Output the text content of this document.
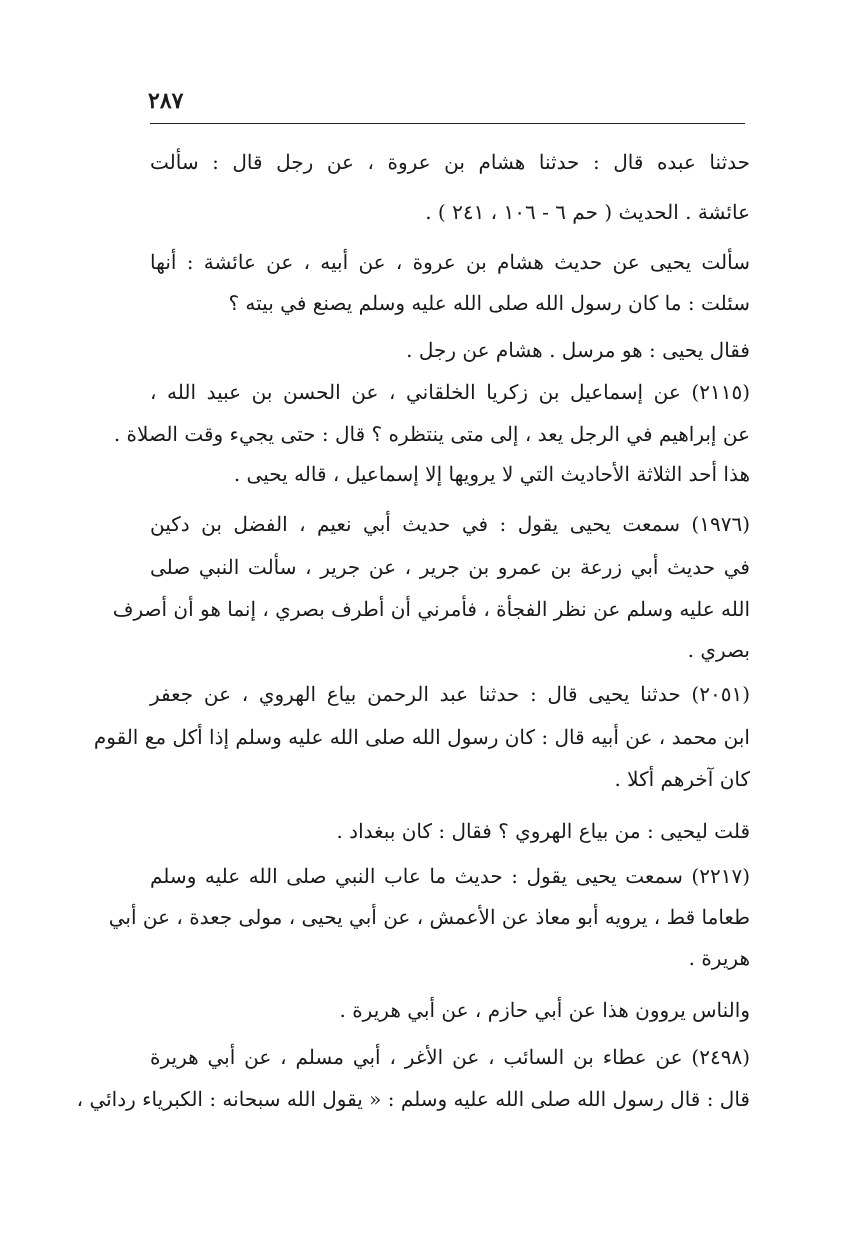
٢٨٧
حدثنا عبده قال : حدثنا هشام بن عروة ، عن رجل قال : سألت
عائشة . الحديث ( حم ٦ - ١٠٦ ، ٢٤١ ) .
سألت يحيى عن حديث هشام بن عروة ، عن أبيه ، عن عائشة : أنها
سئلت : ما كان رسول الله صلى الله عليه وسلم يصنع في بيته ؟
فقال يحيى : هو مرسل . هشام عن رجل .
(٢١١٥) عن إسماعيل بن زكريا الخلقاني ، عن الحسن بن عبيد الله ،
عن إبراهيم في الرجل يعد ، إلى متى ينتظره ؟ قال : حتى يجيء وقت الصلاة .
هذا أحد الثلاثة الأحاديث التي لا يرويها إلا إسماعيل ، قاله يحيى .
(١٩٧٦) سمعت يحيى يقول : في حديث أبي نعيم ، الفضل بن دكين
في حديث أبي زرعة بن عمرو بن جرير ، عن جرير ، سألت النبي صلى
الله عليه وسلم عن نظر الفجأة ، فأمرني أن أطرف بصري ، إنما هو أن أصرف
بصري .
(٢٠٥١) حدثنا يحيى قال : حدثنا عبد الرحمن بياع الهروي ، عن جعفر
ابن محمد ، عن أبيه قال : كان رسول الله صلى الله عليه وسلم إذا أكل مع القوم
كان آخرهم أكلا .
قلت ليحيى : من بياع الهروي ؟ فقال : كان ببغداد .
(٢٢١٧) سمعت يحيى يقول : حديث ما عاب النبي صلى الله عليه وسلم
طعاما قط ، يرويه أبو معاذ عن الأعمش ، عن أبي يحيى ، مولى جعدة ، عن أبي
هريرة .
والناس يروون هذا عن أبي حازم ، عن أبي هريرة .
(٢٤٩٨) عن عطاء بن السائب ، عن الأغر ، أبي مسلم ، عن أبي هريرة
قال : قال رسول الله صلى الله عليه وسلم : « يقول الله سبحانه : الكبرياء ردائي ،
